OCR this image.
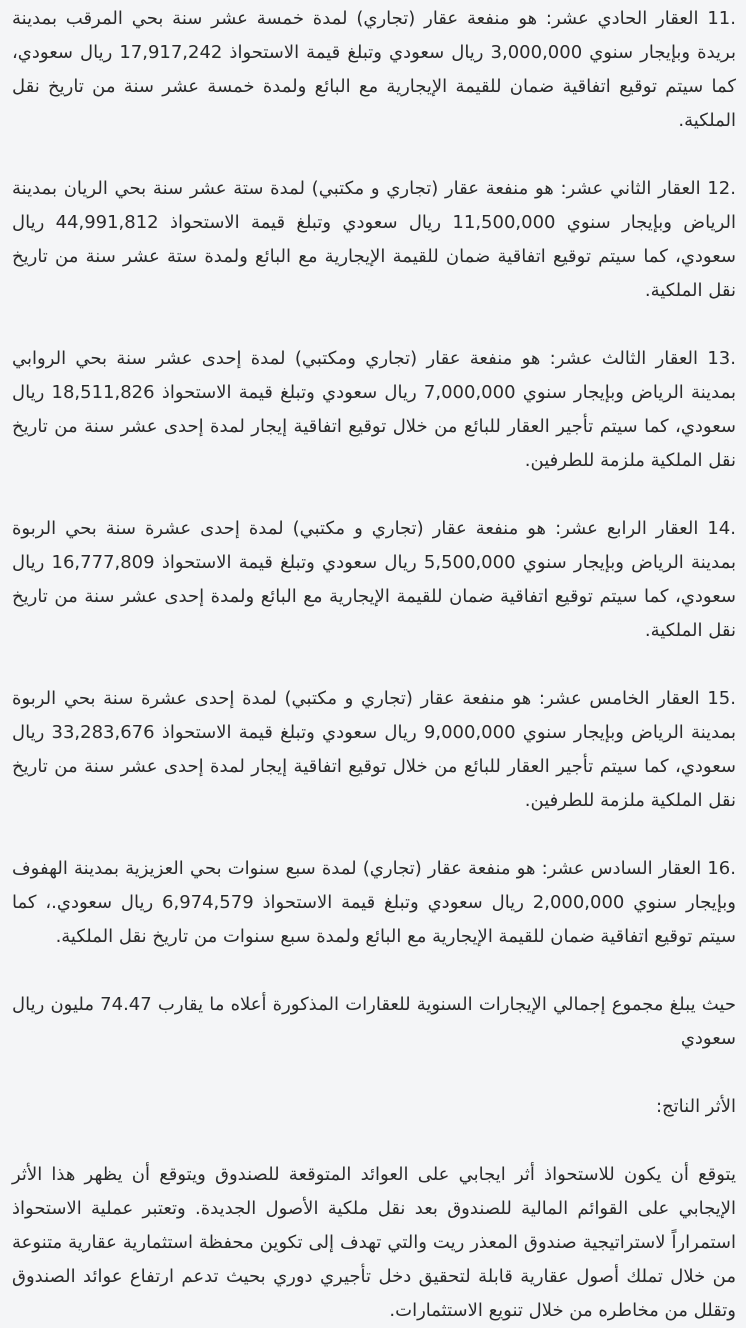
.11 العقار الحادي عشر: هو منفعة عقار (تجاري) لمدة خمسة عشر سنة بحي المرقب بمدينة بريدة وبإيجار سنوي 3,000,000 ريال سعودي وتبلغ قيمة الاستحواذ 17,917,242 ريال سعودي، كما سيتم توقيع اتفاقية ضمان للقيمة الإيجارية مع البائع ولمدة خمسة عشر سنة من تاريخ نقل الملكية.

.12 العقار الثاني عشر: هو منفعة عقار (تجاري و مكتبي) لمدة ستة عشر سنة بحي الريان بمدينة الرياض وبإيجار سنوي 11,500,000 ريال سعودي وتبلغ قيمة الاستحواذ 44,991,812 ريال سعودي، كما سيتم توقيع اتفاقية ضمان للقيمة الإيجارية مع البائع ولمدة ستة عشر سنة من تاريخ نقل الملكية.

.13 العقار الثالث عشر: هو منفعة عقار (تجاري ومكتبي) لمدة إحدى عشر سنة بحي الروابي بمدينة الرياض وبإيجار سنوي 7,000,000 ريال سعودي وتبلغ قيمة الاستحواذ 18,511,826 ريال سعودي، كما سيتم تأجير العقار للبائع من خلال توقيع اتفاقية إيجار لمدة إحدى عشر سنة من تاريخ نقل الملكية ملزمة للطرفين.

.14 العقار الرابع عشر: هو منفعة عقار (تجاري و مكتبي) لمدة إحدى عشرة سنة بحي الربوة بمدينة الرياض وبإيجار سنوي 5,500,000 ريال سعودي وتبلغ قيمة الاستحواذ 16,777,809 ريال سعودي، كما سيتم توقيع اتفاقية ضمان للقيمة الإيجارية مع البائع ولمدة إحدى عشر سنة من تاريخ نقل الملكية.

.15 العقار الخامس عشر: هو منفعة عقار (تجاري و مكتبي) لمدة إحدى عشرة سنة بحي الربوة بمدينة الرياض وبإيجار سنوي 9,000,000 ريال سعودي وتبلغ قيمة الاستحواذ 33,283,676 ريال سعودي، كما سيتم تأجير العقار للبائع من خلال توقيع اتفاقية إيجار لمدة إحدى عشر سنة من تاريخ نقل الملكية ملزمة للطرفين.

.16 العقار السادس عشر: هو منفعة عقار (تجاري) لمدة سبع سنوات بحي العزيزية بمدينة الهفوف وبإيجار سنوي 2,000,000 ريال سعودي وتبلغ قيمة الاستحواذ 6,974,579 ريال سعودي.، كما سيتم توقيع اتفاقية ضمان للقيمة الإيجارية مع البائع ولمدة سبع سنوات من تاريخ نقل الملكية.

حيث يبلغ مجموع إجمالي الإيجارات السنوية للعقارات المذكورة أعلاه ما يقارب 74.47 مليون ريال سعودي

الأثر الناتج:

يتوقع أن يكون للاستحواذ أثر ايجابي على العوائد المتوقعة للصندوق ويتوقع أن يظهر هذا الأثر الإيجابي على القوائم المالية للصندوق بعد نقل ملكية الأصول الجديدة. وتعتبر عملية الاستحواذ استمراراً لاستراتيجية صندوق المعذر ريت والتي تهدف إلى تكوين محفظة استثمارية عقارية متنوعة من خلال تملك أصول عقارية قابلة لتحقيق دخل تأجيري دوري بحيث تدعم ارتفاع عوائد الصندوق وتقلل من مخاطره من خلال تنويع الاستثمارات.
